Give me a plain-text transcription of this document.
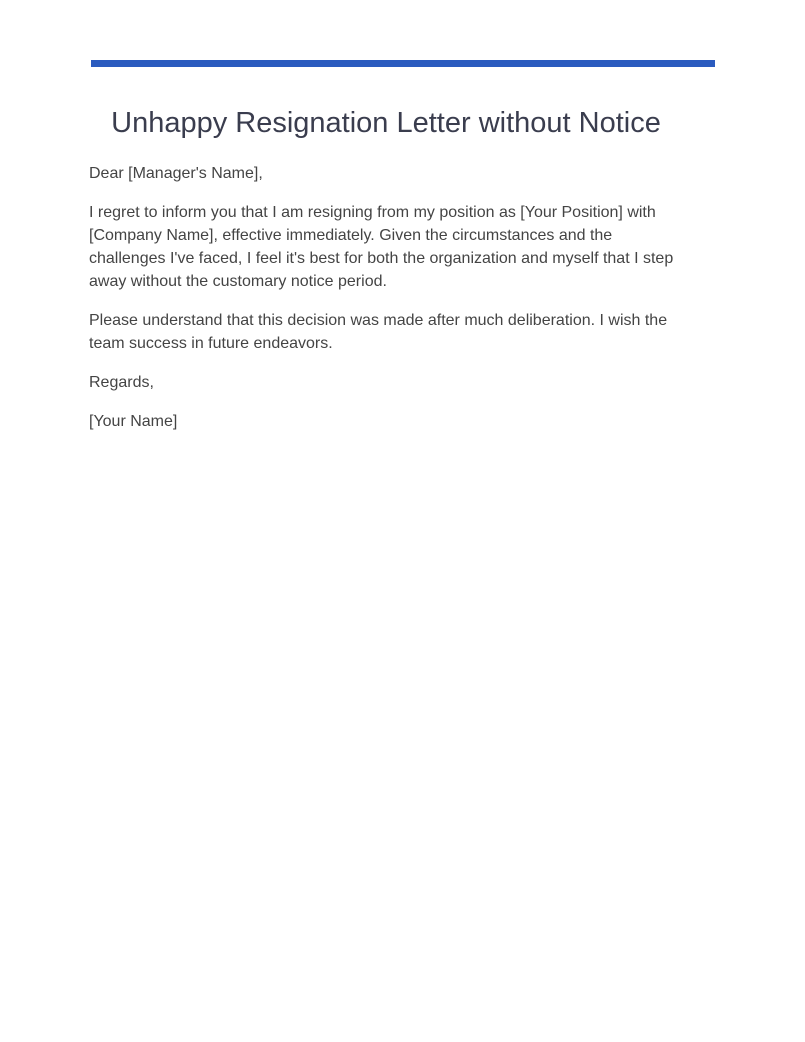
Unhappy Resignation Letter without Notice

Dear [Manager's Name],

I regret to inform you that I am resigning from my position as [Your Position] with [Company Name], effective immediately. Given the circumstances and the challenges I've faced, I feel it's best for both the organization and myself that I step away without the customary notice period.

Please understand that this decision was made after much deliberation. I wish the team success in future endeavors.

Regards,

[Your Name]
